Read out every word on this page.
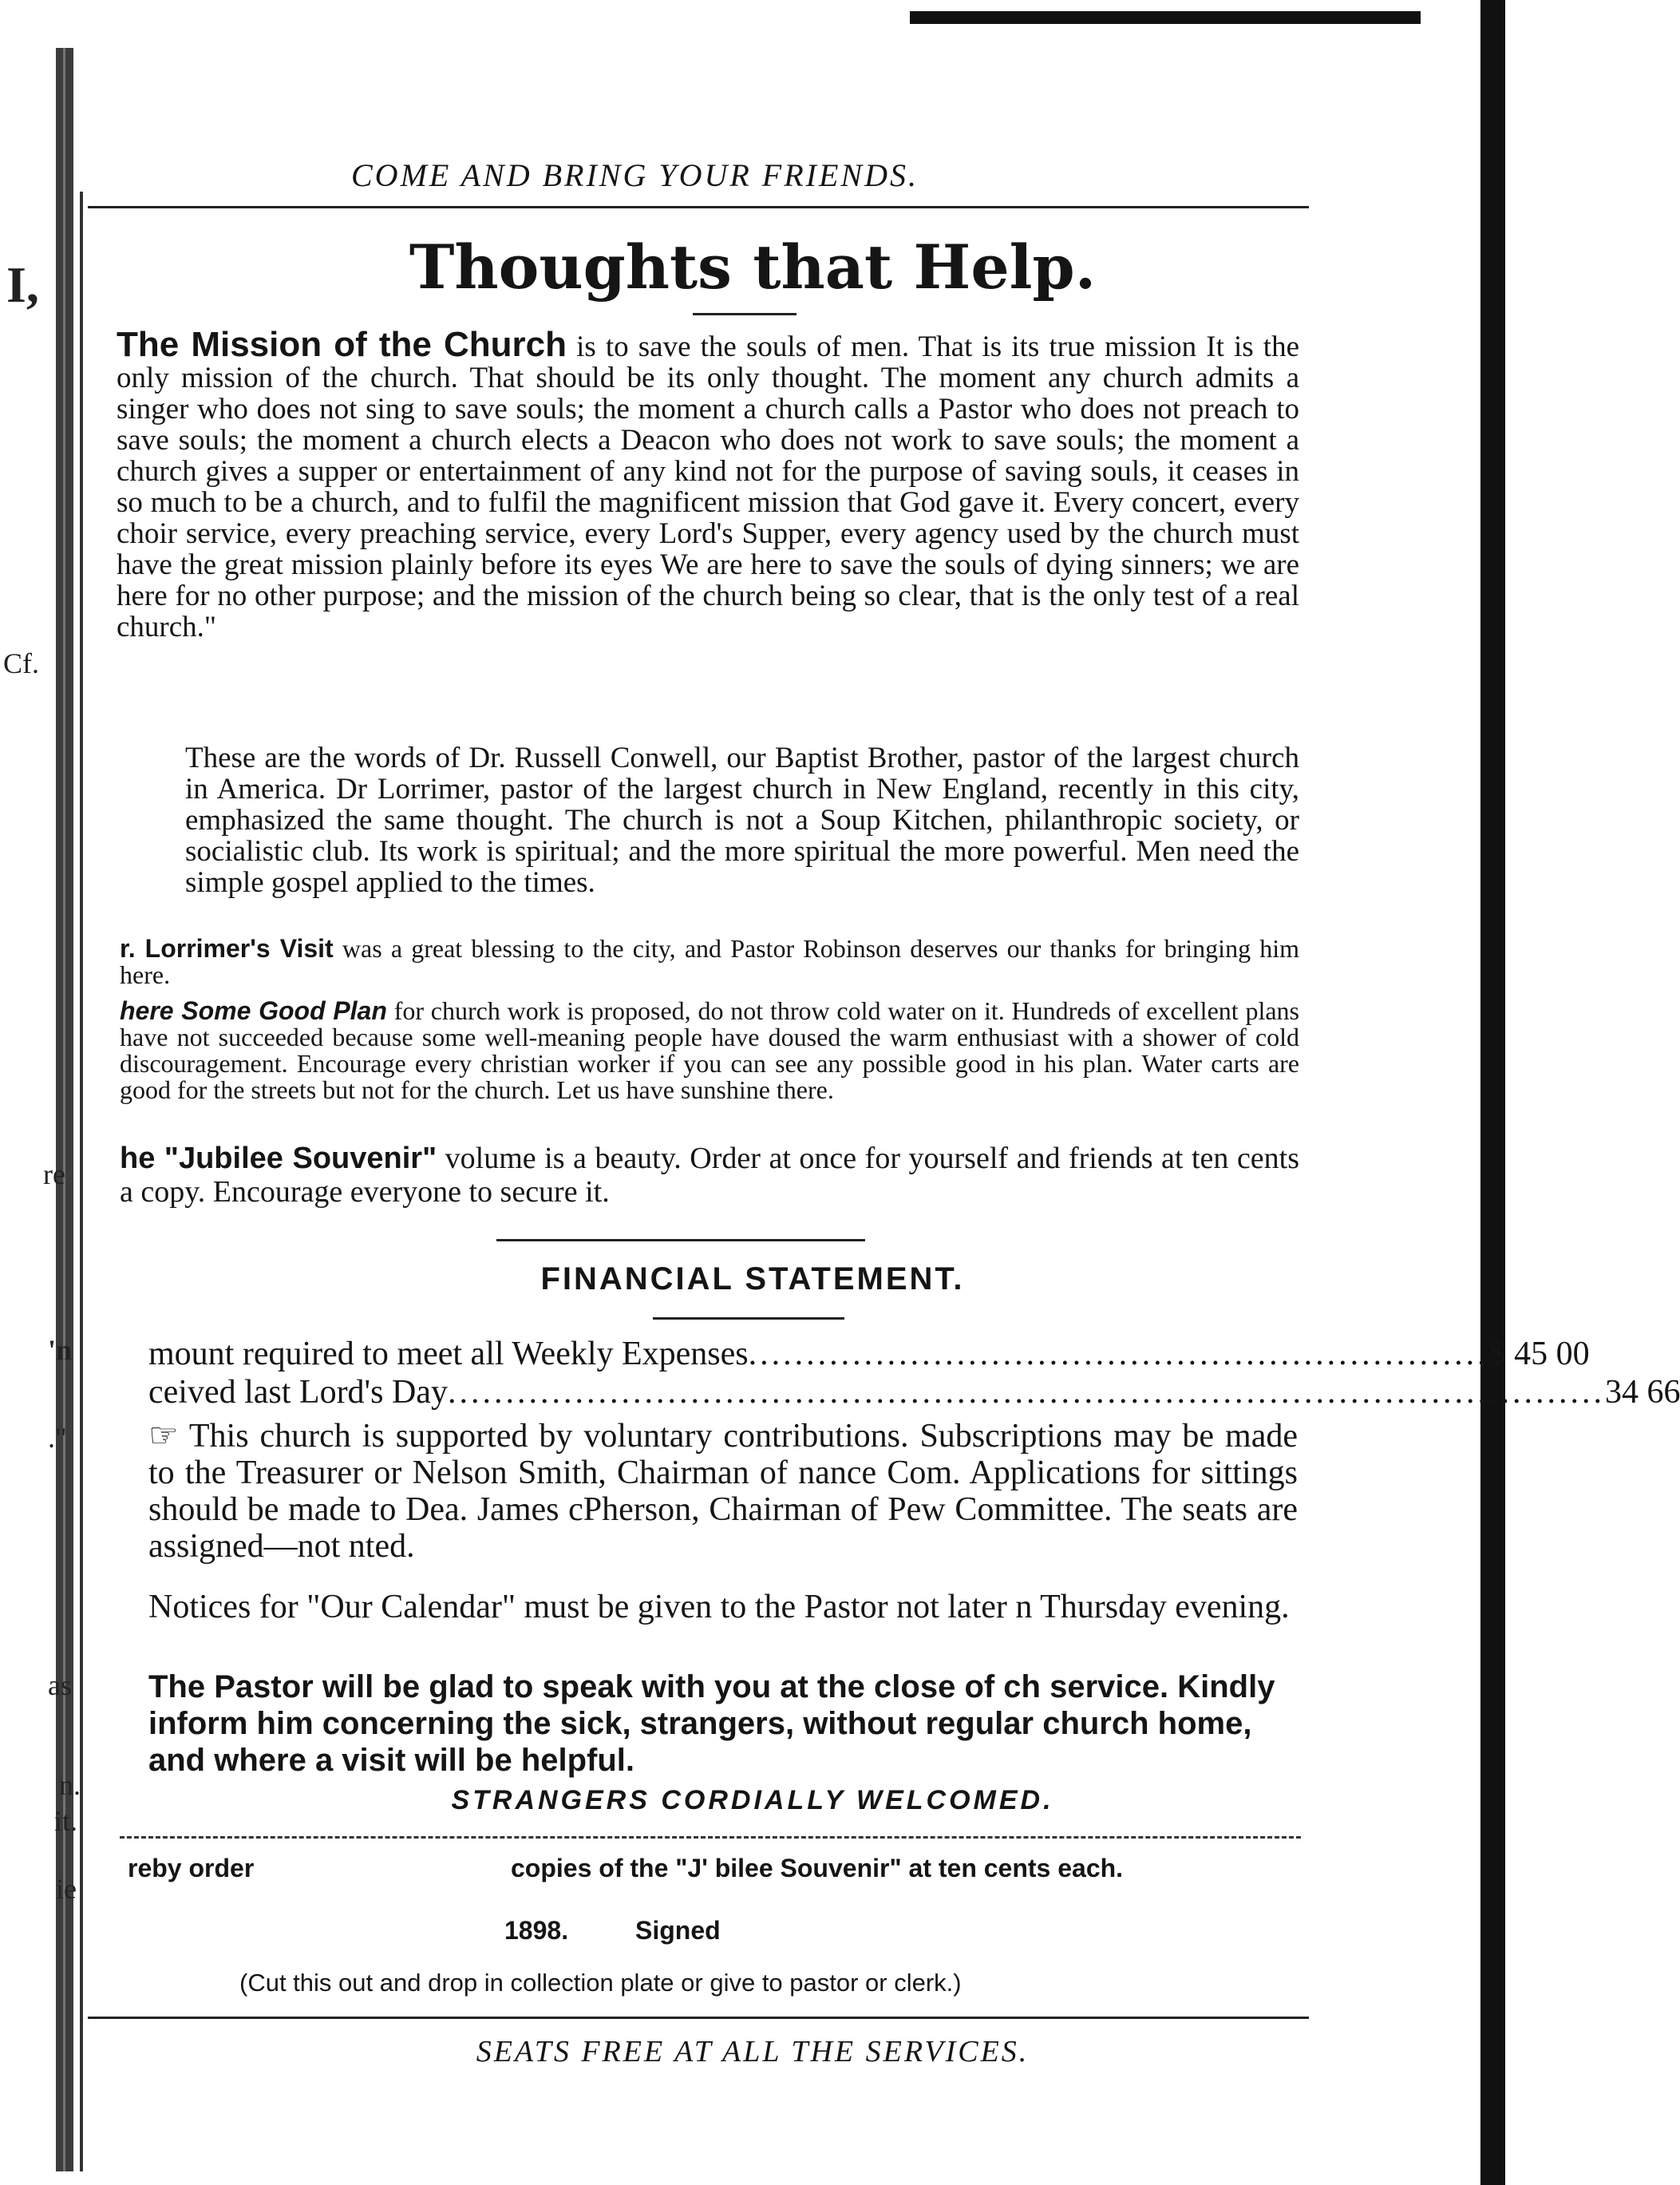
I,
Cf.
re
'n
."
as
n.
it.
ie
COME AND BRING YOUR FRIENDS.
Thoughts that Help.
The Mission of the Church is to save the souls of men. That is its true mission It is the only mission of the church. That should be its only thought. The moment any church admits a singer who does not sing to save souls; the moment a church calls a Pastor who does not preach to save souls; the moment a church elects a Deacon who does not work to save souls; the moment a church gives a supper or entertainment of any kind not for the purpose of saving souls, it ceases in so much to be a church, and to fulfil the magnificent mission that God gave it. Every concert, every choir service, every preaching service, every Lord's Supper, every agency used by the church must have the great mission plainly before its eyes We are here to save the souls of dying sinners; we are here for no other purpose; and the mission of the church being so clear, that is the only test of a real church."
These are the words of Dr. Russell Conwell, our Baptist Brother, pastor of the largest church in America. Dr Lorrimer, pastor of the largest church in New England, recently in this city, emphasized the same thought. The church is not a Soup Kitchen, philanthropic society, or socialistic club. Its work is spiritual; and the more spiritual the more powerful. Men need the simple gospel applied to the times.
r. Lorrimer's Visit was a great blessing to the city, and Pastor Robinson deserves our thanks for bringing him here.
here Some Good Plan for church work is proposed, do not throw cold water on it. Hundreds of excellent plans have not succeeded because some well-meaning people have doused the warm enthusiast with a shower of cold discouragement. Encourage every christian worker if you can see any possible good in his plan. Water carts are good for the streets but not for the church. Let us have sunshine there.
he "Jubilee Souvenir" volume is a beauty. Order at once for yourself and friends at ten cents a copy. Encourage everyone to secure it.
FINANCIAL STATEMENT.
mount required to meet all Weekly Expenses ................................................................ $ 45 00
ceived last Lord's Day .................................................................................................... 34 66
☞ This church is supported by voluntary contributions. Subscriptions may be made to the Treasurer or Nelson Smith, Chairman of nance Com. Applications for sittings should be made to Dea. James cPherson, Chairman of Pew Committee. The seats are assigned—not nted.
Notices for "Our Calendar" must be given to the Pastor not later n Thursday evening.
The Pastor will be glad to speak with you at the close of ch service. Kindly inform him concerning the sick, strangers, without regular church home, and where a visit will be helpful.
STRANGERS CORDIALLY WELCOMED.
reby order	copies of the "J' bilee Souvenir" at ten cents each.
1898.	Signed
(Cut this out and drop in collection plate or give to pastor or clerk.)
SEATS FREE AT ALL THE SERVICES.
